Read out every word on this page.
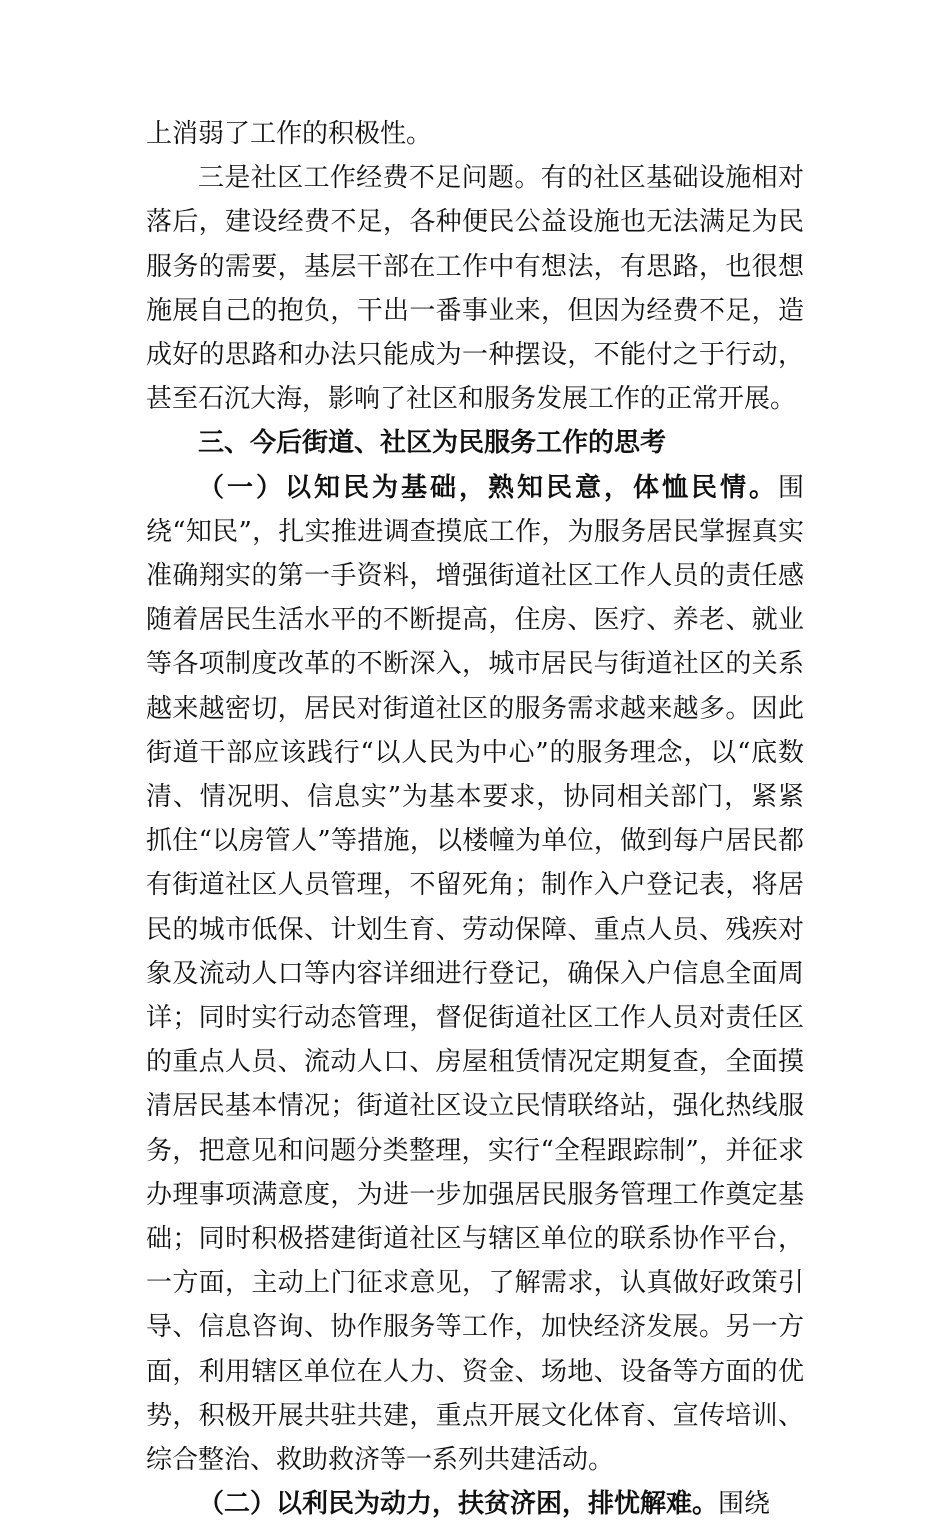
上消弱了工作的积极性。

三是社区工作经费不足问题。有的社区基础设施相对落后，建设经费不足，各种便民公益设施也无法满足为民服务的需要，基层干部在工作中有想法，有思路，也很想施展自己的抱负，干出一番事业来，但因为经费不足，造成好的思路和办法只能成为一种摆设，不能付之于行动，甚至石沉大海，影响了社区和服务发展工作的正常开展。

三、今后街道、社区为民服务工作的思考

（一）以知民为基础，熟知民意，体恤民情。围绕“知民”，扎实推进调查摸底工作，为服务居民掌握真实准确翔实的第一手资料，增强街道社区工作人员的责任感随着居民生活水平的不断提高，住房、医疗、养老、就业等各项制度改革的不断深入，城市居民与街道社区的关系越来越密切，居民对街道社区的服务需求越来越多。因此街道干部应该践行“以人民为中心”的服务理念，以“底数清、情况明、信息实”为基本要求，协同相关部门，紧紧抓住“以房管人”等措施，以楼幢为单位，做到每户居民都有街道社区人员管理，不留死角；制作入户登记表，将居民的城市低保、计划生育、劳动保障、重点人员、残疾对象及流动人口等内容详细进行登记，确保入户信息全面周详；同时实行动态管理，督促街道社区工作人员对责任区的重点人员、流动人口、房屋租赁情况定期复查，全面摸清居民基本情况；街道社区设立民情联络站，强化热线服务，把意见和问题分类整理，实行“全程跟踪制”，并征求办理事项满意度，为进一步加强居民服务管理工作奠定基础；同时积极搭建街道社区与辖区单位的联系协作平台，一方面，主动上门征求意见，了解需求，认真做好政策引导、信息咨询、协作服务等工作，加快经济发展。另一方面，利用辖区单位在人力、资金、场地、设备等方面的优势，积极开展共驻共建，重点开展文化体育、宣传培训、综合整治、救助救济等一系列共建活动。

（二）以利民为动力，扶贫济困，排忧解难。围绕
